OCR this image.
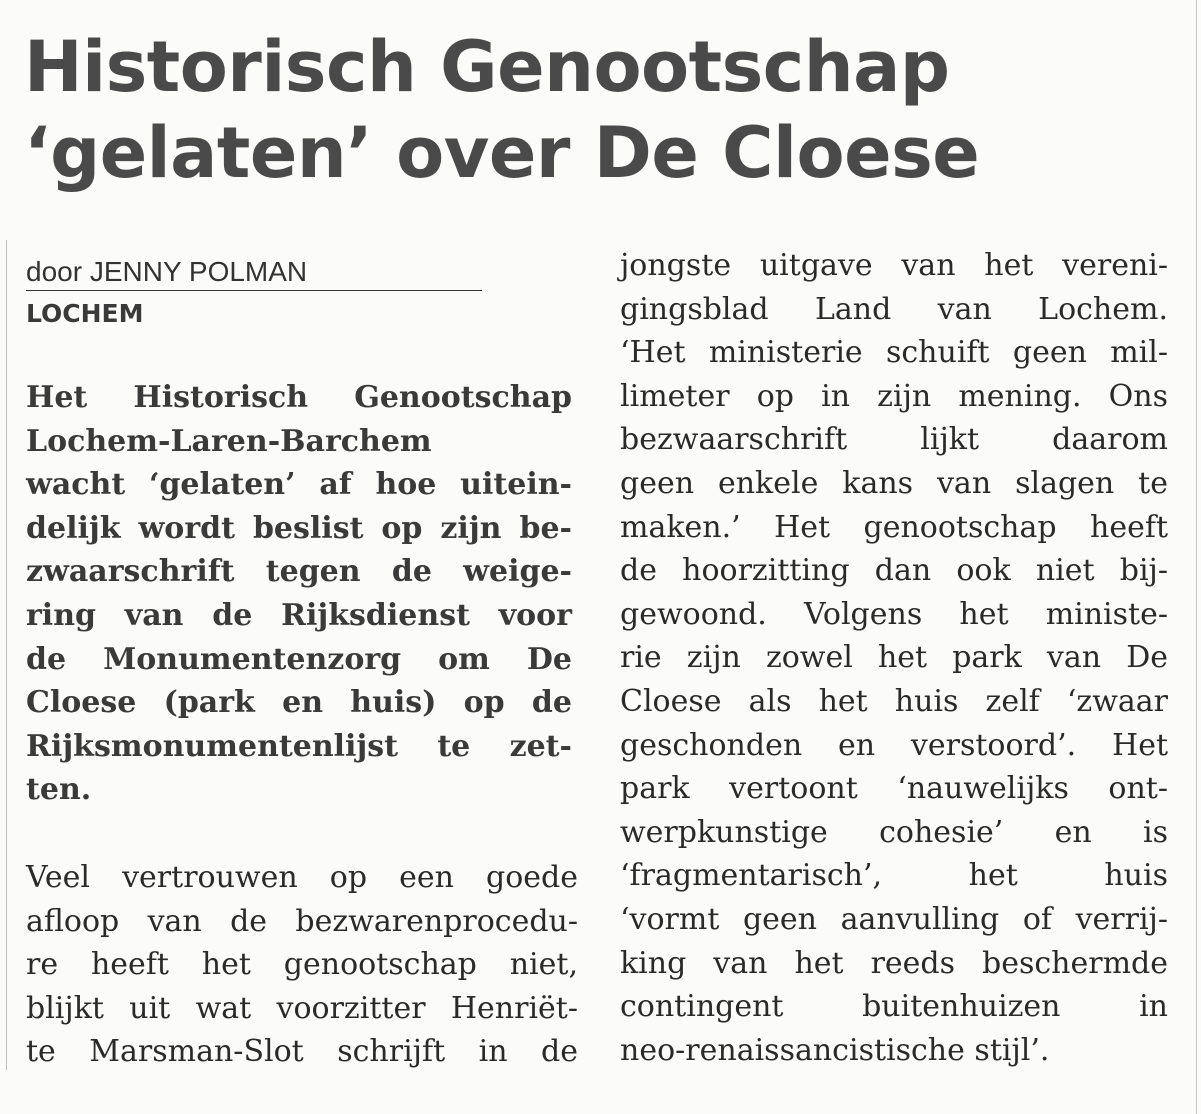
Historisch Genootschap
‘gelaten’ over De Cloese
door JENNY POLMAN
LOCHEM
Het Historisch Genootschap
Lochem-Laren-Barchem
wacht ‘gelaten’ af hoe uitein-
delijk wordt beslist op zijn be-
zwaarschrift tegen de weige-
ring van de Rijksdienst voor
de Monumentenzorg om De
Cloese (park en huis) op de
Rijksmonumentenlijst te zet-
ten.
Veel vertrouwen op een goede
afloop van de bezwarenprocedu-
re heeft het genootschap niet,
blijkt uit wat voorzitter Henriët-
te Marsman-Slot schrijft in de
jongste uitgave van het vereni-
gingsblad Land van Lochem.
‘Het ministerie schuift geen mil-
limeter op in zijn mening. Ons
bezwaarschrift lijkt daarom
geen enkele kans van slagen te
maken.’ Het genootschap heeft
de hoorzitting dan ook niet bij-
gewoond. Volgens het ministe-
rie zijn zowel het park van De
Cloese als het huis zelf ‘zwaar
geschonden en verstoord’. Het
park vertoont ‘nauwelijks ont-
werpkunstige cohesie’ en is
‘fragmentarisch’, het huis
‘vormt geen aanvulling of verrij-
king van het reeds beschermde
contingent buitenhuizen in
neo-renaissancistische stijl’.
